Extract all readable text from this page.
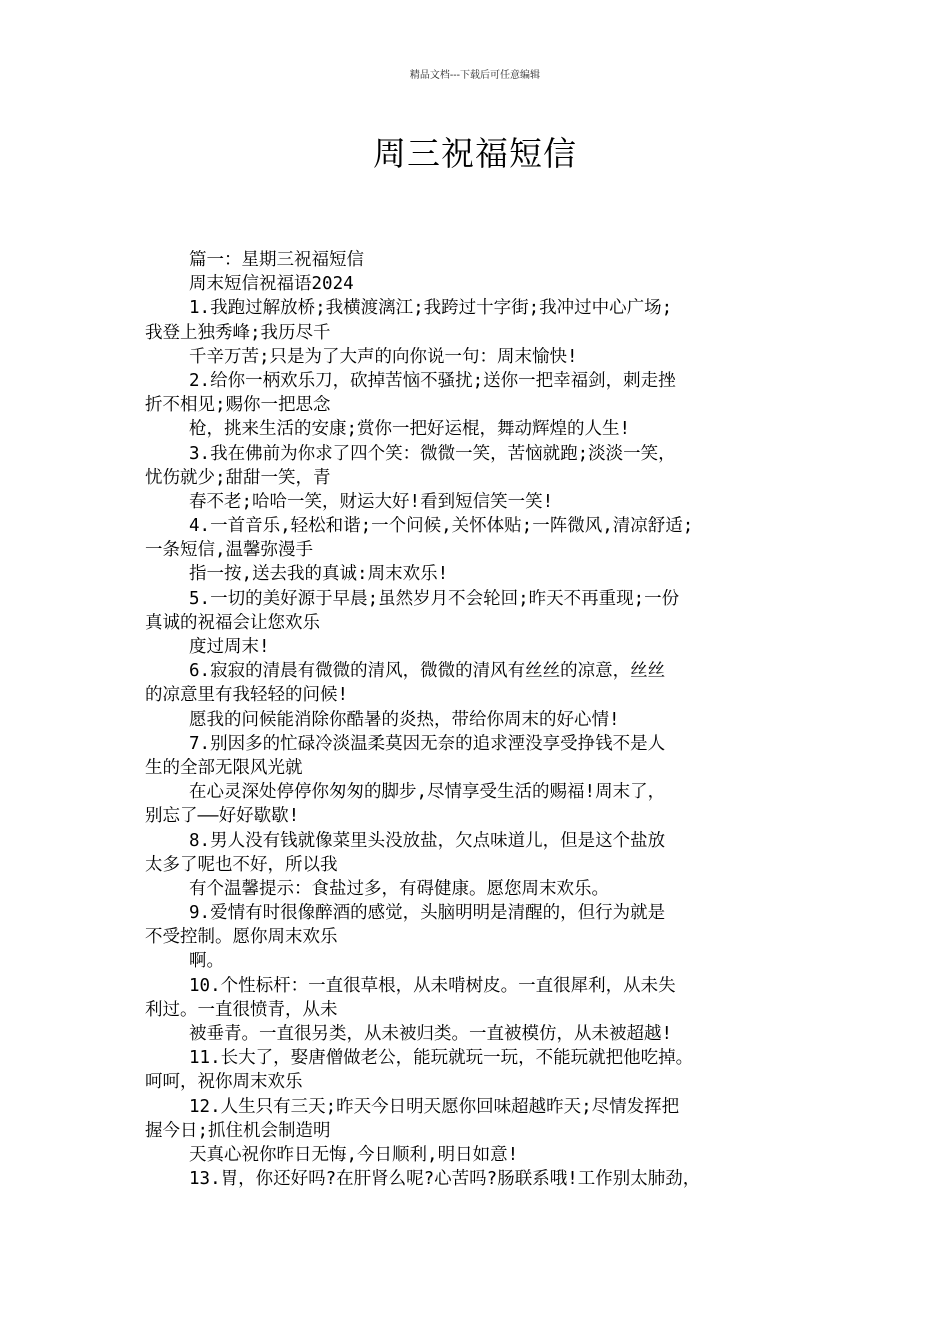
精品文档---下载后可任意编辑
周三祝福短信
篇一：星期三祝福短信
周末短信祝福语2024
1.我跑过解放桥;我横渡漓江;我跨过十字街;我冲过中心广场;
我登上独秀峰;我历尽千
千辛万苦;只是为了大声的向你说一句：周末愉快!
2.给你一柄欢乐刀，砍掉苦恼不骚扰;送你一把幸福剑，刺走挫
折不相见;赐你一把思念
枪，挑来生活的安康;赏你一把好运棍，舞动辉煌的人生!
3.我在佛前为你求了四个笑：微微一笑，苦恼就跑;淡淡一笑，
忧伤就少;甜甜一笑，青
春不老;哈哈一笑，财运大好!看到短信笑一笑!
4.一首音乐,轻松和谐;一个问候,关怀体贴;一阵微风,清凉舒适;
一条短信,温馨弥漫手
指一按,送去我的真诚:周末欢乐!
5.一切的美好源于早晨;虽然岁月不会轮回;昨天不再重现;一份
真诚的祝福会让您欢乐
度过周末!
6.寂寂的清晨有微微的清风，微微的清风有丝丝的凉意，丝丝
的凉意里有我轻轻的问候!
愿我的问候能消除你酷暑的炎热，带给你周末的好心情!
7.别因多的忙碌冷淡温柔莫因无奈的追求湮没享受挣钱不是人
生的全部无限风光就
在心灵深处停停你匆匆的脚步,尽情享受生活的赐福!周末了，
别忘了——好好歇歇!
8.男人没有钱就像菜里头没放盐，欠点味道儿，但是这个盐放
太多了呢也不好，所以我
有个温馨提示：食盐过多，有碍健康。愿您周末欢乐。
9.爱情有时很像醉酒的感觉，头脑明明是清醒的，但行为就是
不受控制。愿你周末欢乐
啊。
10.个性标杆：一直很草根，从未啃树皮。一直很犀利，从未失
利过。一直很愤青，从未
被垂青。一直很另类，从未被归类。一直被模仿，从未被超越!
11.长大了，娶唐僧做老公，能玩就玩一玩，不能玩就把他吃掉。
呵呵，祝你周末欢乐
12.人生只有三天;昨天今日明天愿你回味超越昨天;尽情发挥把
握今日;抓住机会制造明
天真心祝你昨日无悔,今日顺利,明日如意!
13.胃，你还好吗?在肝肾么呢?心苦吗?肠联系哦!工作别太肺劲，
